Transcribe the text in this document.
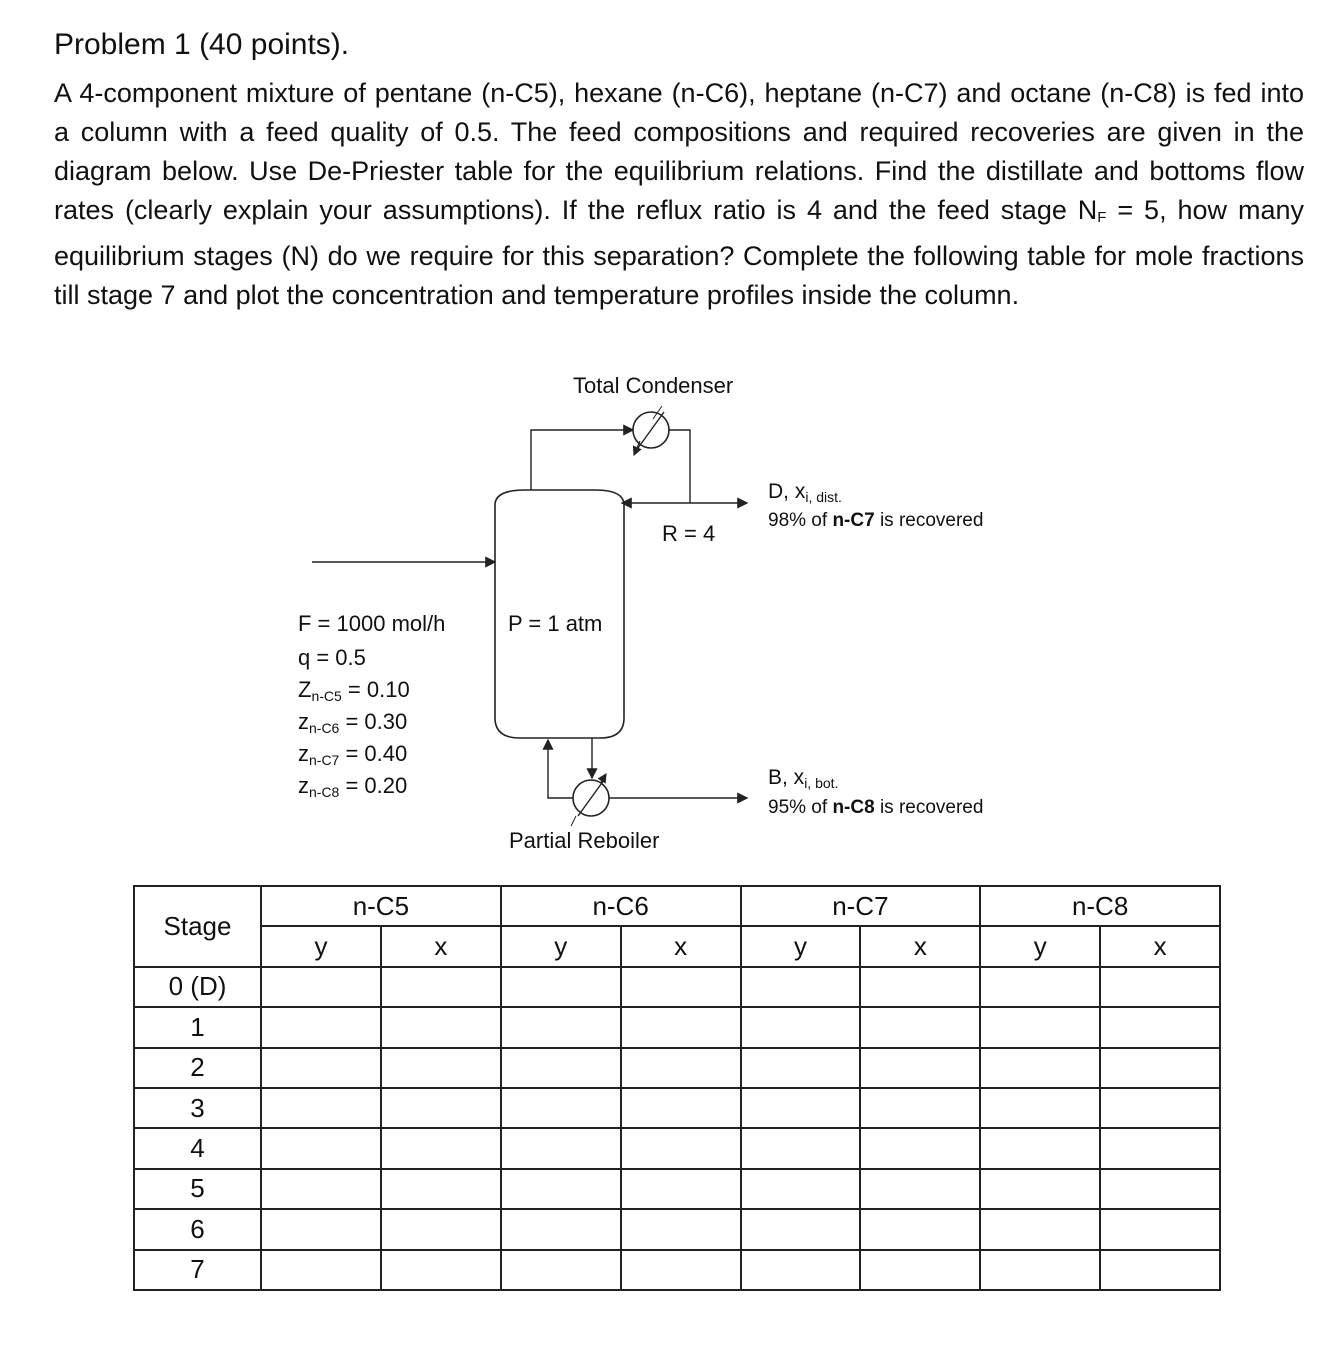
Problem 1 (40 points).
A 4-component mixture of pentane (n-C5), hexane (n-C6), heptane (n-C7) and octane (n-C8) is fed into a column with a feed quality of 0.5. The feed compositions and required recoveries are given in the diagram below. Use De-Priester table for the equilibrium relations. Find the distillate and bottoms flow rates (clearly explain your assumptions). If the reflux ratio is 4 and the feed stage NF = 5, how many equilibrium stages (N) do we require for this separation? Complete the following table for mole fractions till stage 7 and plot the concentration and temperature profiles inside the column.
Total Condenser
R = 4
P = 1 atm
Partial Reboiler
D, $x_{i, dist.}$
98% of n-C7 is recovered
B, $x_{i, bot.}$
95% of n-C8 is recovered
F = 1000 mol/h
q = 0.5
$Z_{n-C5} = 0.10$
$z_{n-C6} = 0.30$
$z_{n-C7} = 0.40$
$z_{n-C8} = 0.20$
Stage	n-C5		n-C6		n-C7		n-C8	
	y	x	y	x	y	x	y	x
0 (D)								
1								
2								
3								
4								
5								
6								
7								
